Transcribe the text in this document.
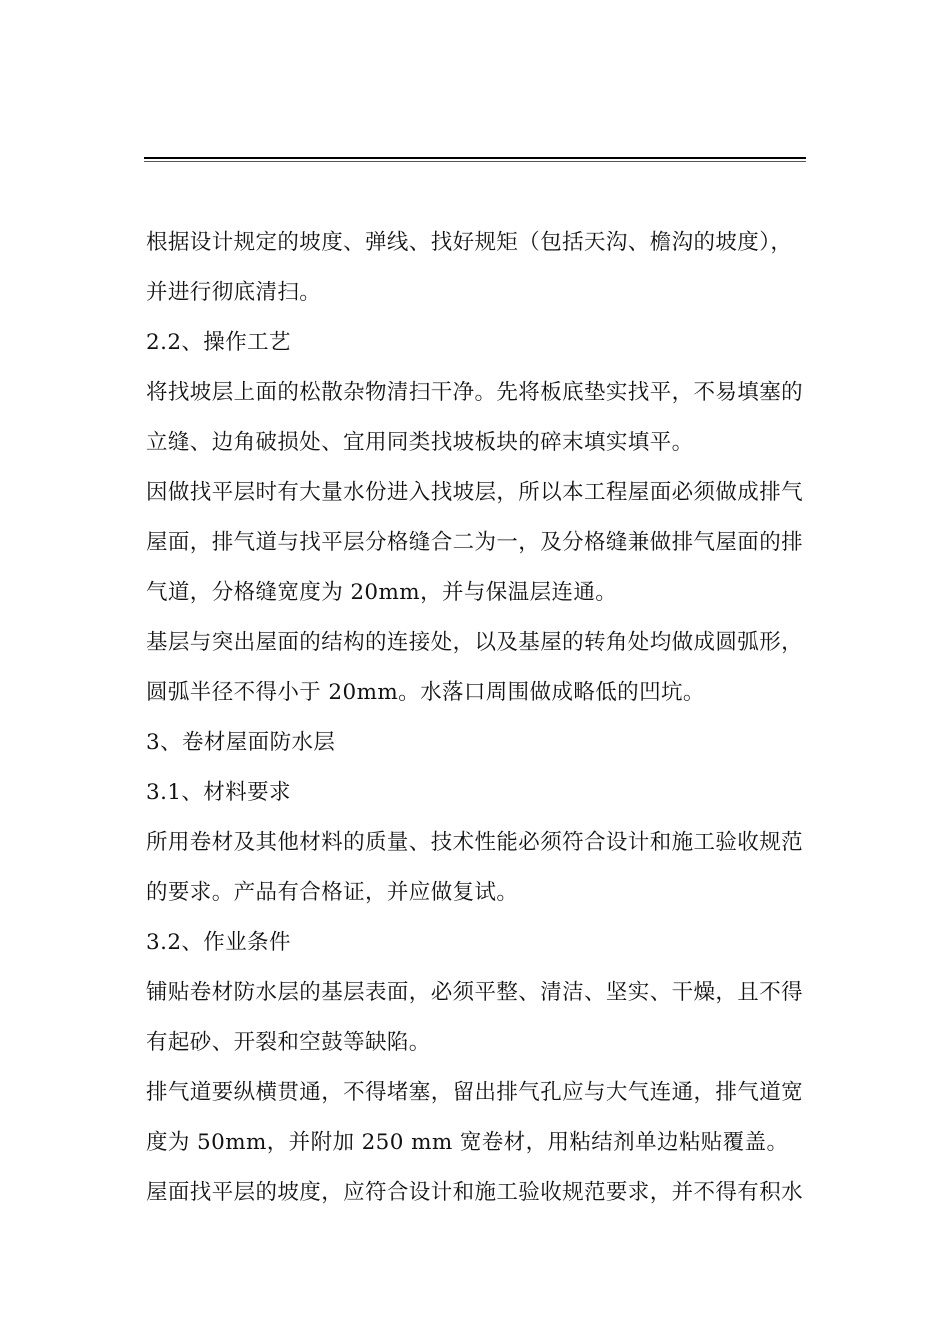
根据设计规定的坡度、弹线、找好规矩（包括天沟、檐沟的坡度），
并进行彻底清扫。
2.2、操作工艺
将找坡层上面的松散杂物清扫干净。先将板底垫实找平，不易填塞的
立缝、边角破损处、宜用同类找坡板块的碎末填实填平。
因做找平层时有大量水份进入找坡层，所以本工程屋面必须做成排气
屋面，排气道与找平层分格缝合二为一，及分格缝兼做排气屋面的排
气道，分格缝宽度为 20mm，并与保温层连通。
基层与突出屋面的结构的连接处，以及基屋的转角处均做成圆弧形，
圆弧半径不得小于 20mm。水落口周围做成略低的凹坑。
3、卷材屋面防水层
3.1、材料要求
所用卷材及其他材料的质量、技术性能必须符合设计和施工验收规范
的要求。产品有合格证，并应做复试。
3.2、作业条件
铺贴卷材防水层的基层表面，必须平整、清洁、坚实、干燥，且不得
有起砂、开裂和空鼓等缺陷。
排气道要纵横贯通，不得堵塞，留出排气孔应与大气连通，排气道宽
度为 50mm，并附加 250 mm 宽卷材，用粘结剂单边粘贴覆盖。
屋面找平层的坡度，应符合设计和施工验收规范要求，并不得有积水
